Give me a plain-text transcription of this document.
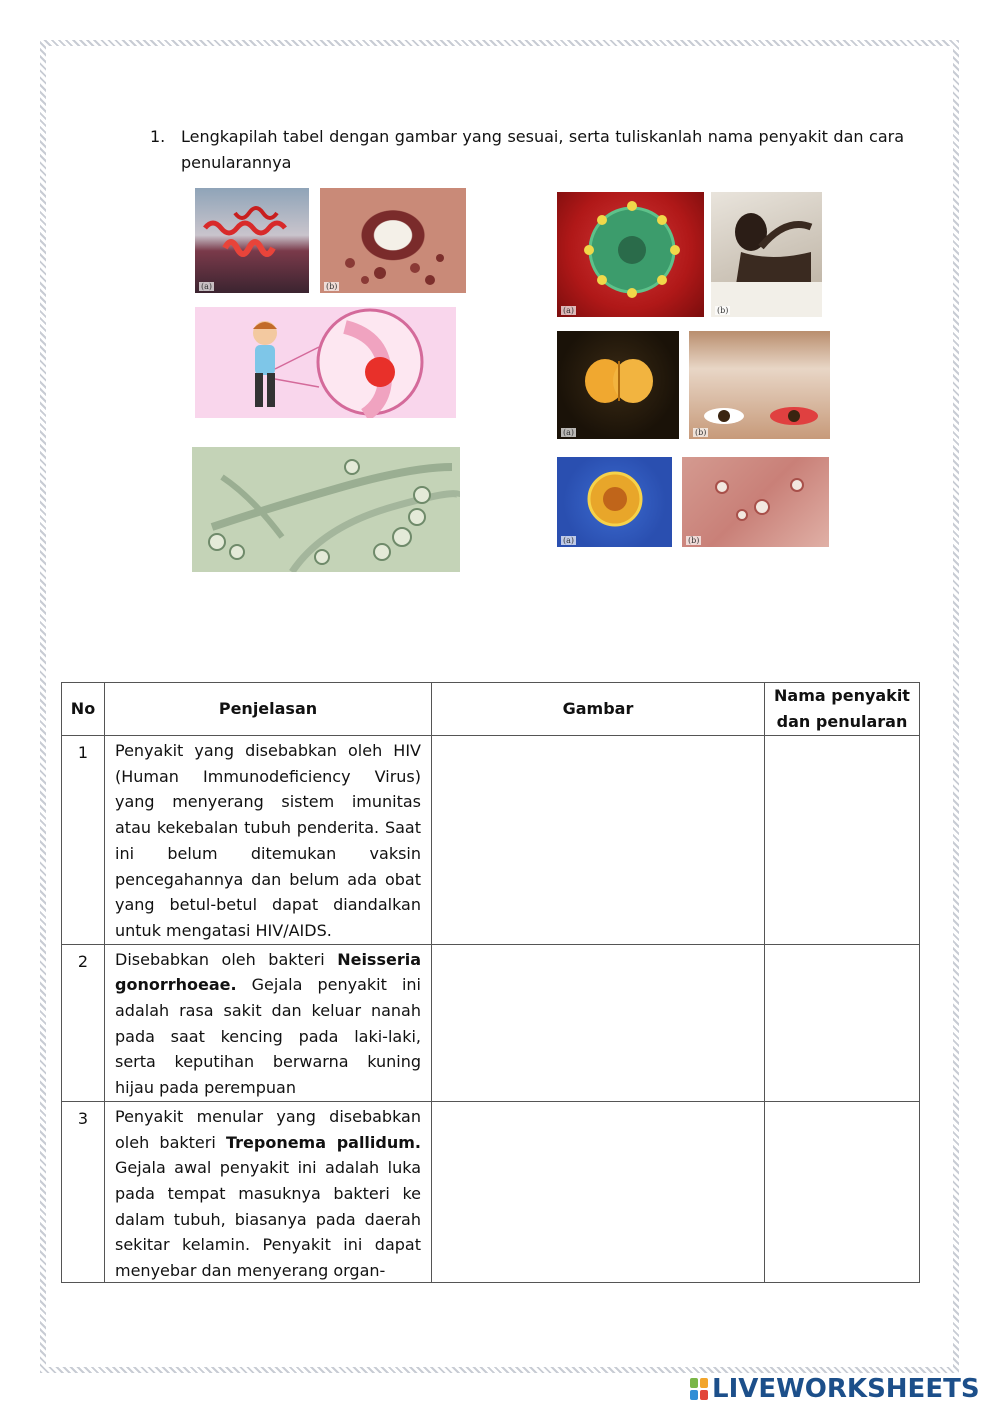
1. Lengkapilah tabel dengan gambar yang sesuai, serta tuliskanlah nama penyakit dan cara penularannya
(a)	(b)
(a)	(b)
(a)	(b)
(a)	(b)
No	Penjelasan	Gambar	Nama penyakit dan penularan
1	Penyakit yang disebabkan oleh HIV (Human Immunodeficiency Virus) yang menyerang sistem imunitas atau kekebalan tubuh penderita. Saat ini belum ditemukan vaksin pencegahannya dan belum ada obat yang betul-betul dapat diandalkan untuk mengatasi HIV/AIDS.		
2	Disebabkan oleh bakteri Neisseria gonorrhoeae. Gejala penyakit ini adalah rasa sakit dan keluar nanah pada saat kencing pada laki-laki, serta keputihan berwarna kuning hijau pada perempuan		
3	Penyakit menular yang disebabkan oleh bakteri Treponema pallidum. Gejala awal penyakit ini adalah luka pada tempat masuknya bakteri ke dalam tubuh, biasanya pada daerah sekitar kelamin. Penyakit ini dapat menyebar dan menyerang organ-		

LIVEWORKSHEETS
